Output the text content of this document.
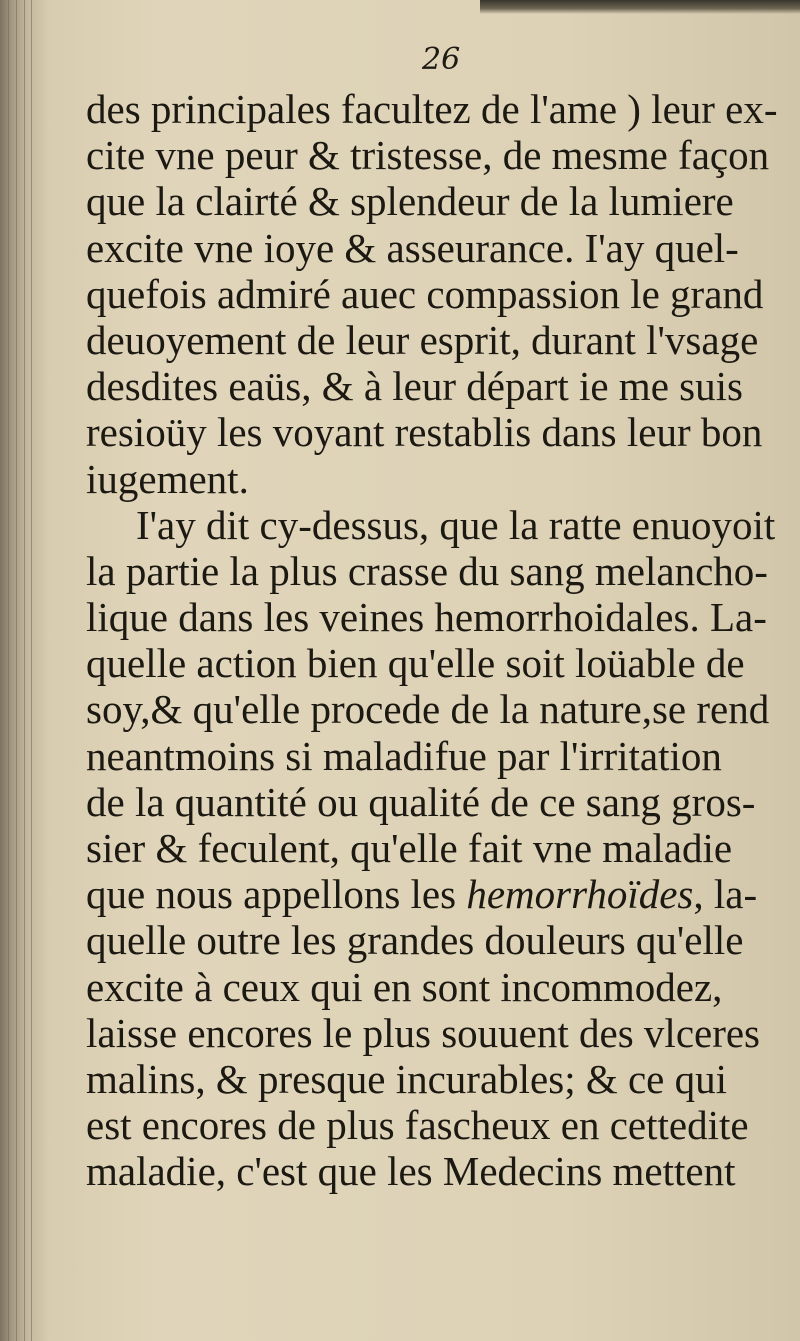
26
des principales facultez de l'ame ) leur ex-
cite vne peur & tristesse, de mesme façon
que la clairté & splendeur de la lumiere
excite vne ioye & asseurance. I'ay quel-
quefois admiré auec compassion le grand
deuoyement de leur esprit, durant l'vsage
desdites eaüs, & à leur départ ie me suis
resioüy les voyant restablis dans leur bon
iugement.
I'ay dit cy-dessus, que la ratte enuoyoit
la partie la plus crasse du sang melancho-
lique dans les veines hemorrhoidales. La-
quelle action bien qu'elle soit loüable de
soy,& qu'elle procede de la nature,se rend
neantmoins si maladifue par l'irritation
de la quantité ou qualité de ce sang gros-
sier & feculent, qu'elle fait vne maladie
que nous appellons les hemorrhoïdes, la-
quelle outre les grandes douleurs qu'elle
excite à ceux qui en sont incommodez,
laisse encores le plus souuent des vlceres
malins, & presque incurables; & ce qui
est encores de plus fascheux en cettedite
maladie, c'est que les Medecins mettent
